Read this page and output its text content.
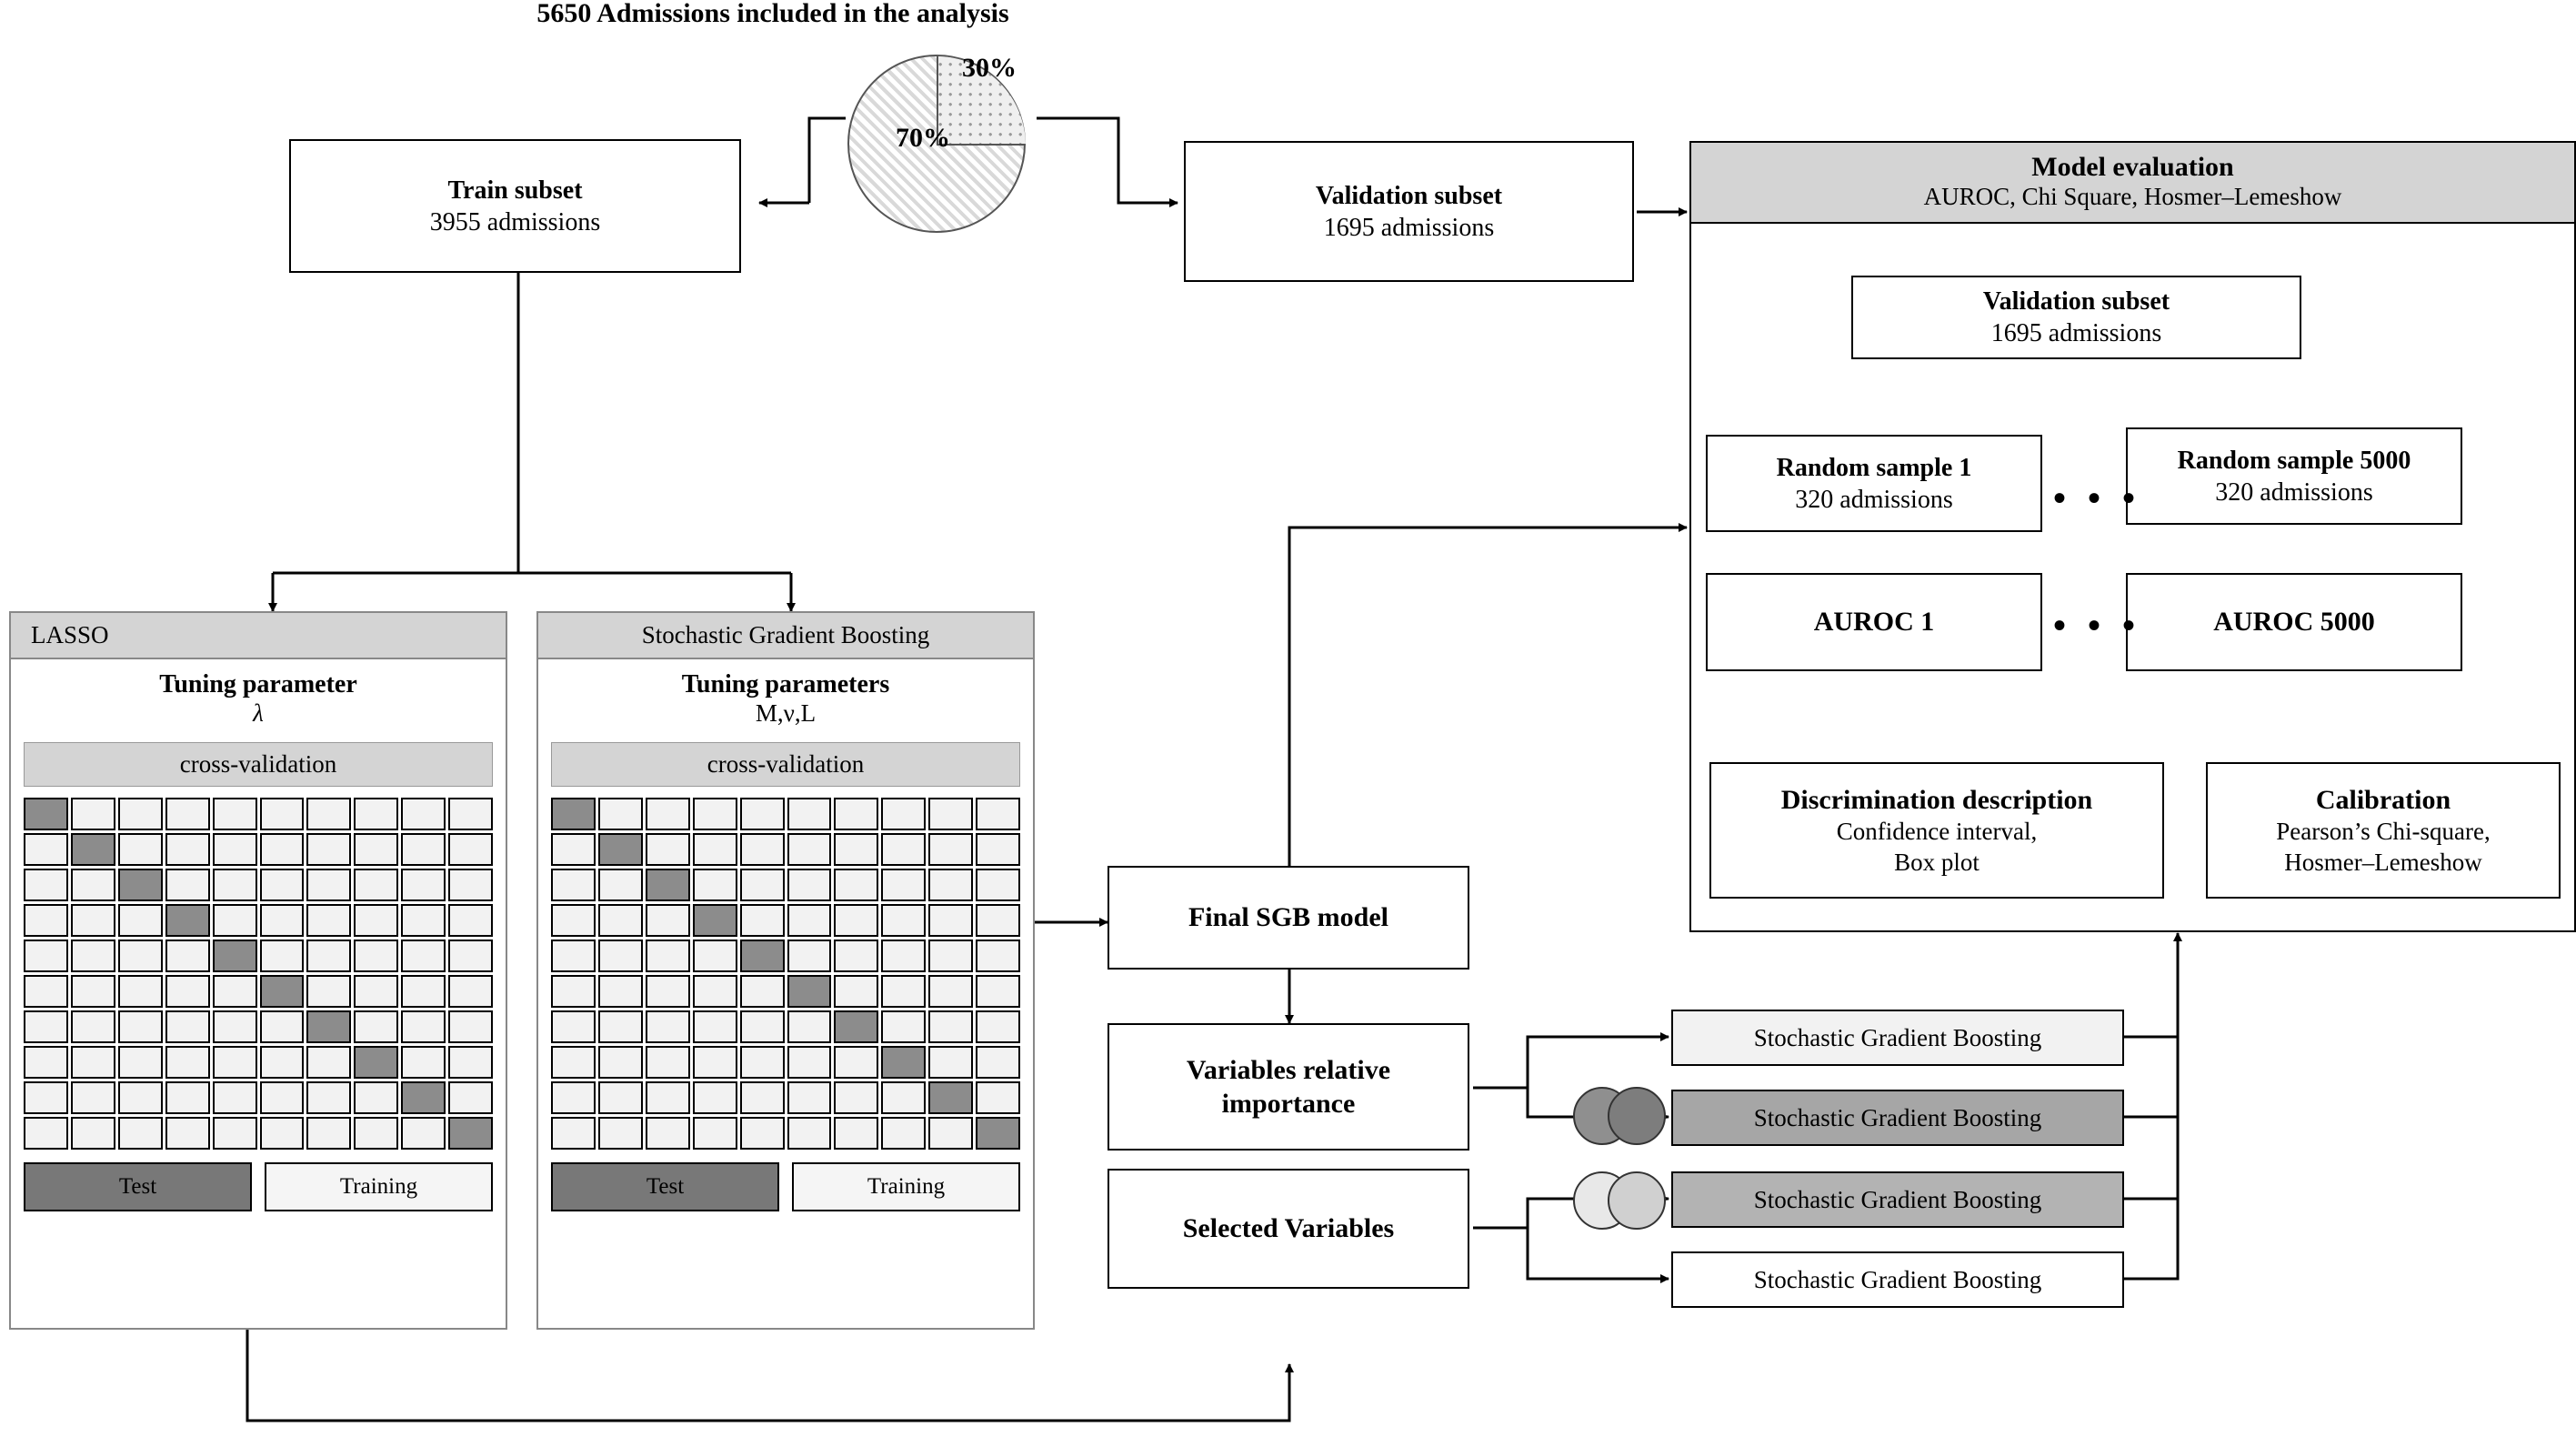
5650 Admissions included in the analysis
70%
30%
Train subset
3955 admissions
Validation subset
1695 admissions
LASSO
Tuning parameter
λ
cross-validation
Test	Training
Stochastic Gradient Boosting
Tuning parameters
M,ν,L
cross-validation
Test	Training
Final SGB model
Variables relative
importance
Selected Variables
Stochastic Gradient Boosting
Stochastic Gradient Boosting
Stochastic Gradient Boosting
Stochastic Gradient Boosting
Model evaluation
AUROC, Chi Square, Hosmer–Lemeshow
Validation subset
1695 admissions
Random sample 1
320 admissions
Random sample 5000
320 admissions
• • •
AUROC 1	AUROC 5000
• • •
Discrimination description
Confidence interval,
Box plot
Calibration
Pearson’s Chi-square,
Hosmer–Lemeshow
